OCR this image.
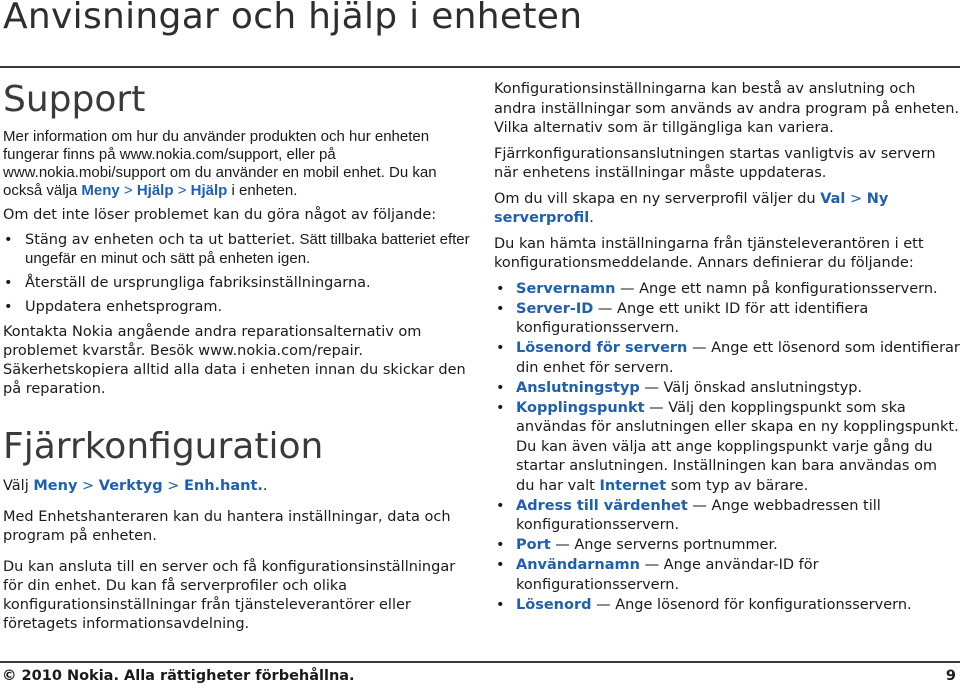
Anvisningar och hjälp i enheten
Support

Mer information om hur du använder produkten och hur enheten fungerar finns på www.nokia.com/support, eller på www.nokia.mobi/support om du använder en mobil enhet. Du kan också välja Meny > Hjälp > Hjälp i enheten.

Om det inte löser problemet kan du göra något av följande:

• Stäng av enheten och ta ut batteriet. Sätt tillbaka batteriet efter ungefär en minut och sätt på enheten igen.
• Återställ de ursprungliga fabriksinställningarna.
• Uppdatera enhetsprogram.

Kontakta Nokia angående andra reparationsalternativ om problemet kvarstår. Besök www.nokia.com/repair. Säkerhetskopiera alltid alla data i enheten innan du skickar den på reparation.

Fjärrkonfiguration

Välj Meny > Verktyg > Enh.hant..

Med Enhetshanteraren kan du hantera inställningar, data och program på enheten.

Du kan ansluta till en server och få konfigurationsinställningar för din enhet. Du kan få serverprofiler och olika konfigurationsinställningar från tjänsteleverantörer eller företagets informationsavdelning.

Konfigurationsinställningarna kan bestå av anslutning och andra inställningar som används av andra program på enheten. Vilka alternativ som är tillgängliga kan variera.

Fjärrkonfigurationsanslutningen startas vanligtvis av servern när enhetens inställningar måste uppdateras.

Om du vill skapa en ny serverprofil väljer du Val > Ny serverprofil.

Du kan hämta inställningarna från tjänsteleverantören i ett konfigurationsmeddelande. Annars definierar du följande:

• Servernamn — Ange ett namn på konfigurationsservern.
• Server-ID — Ange ett unikt ID för att identifiera konfigurationsservern.
• Lösenord för servern — Ange ett lösenord som identifierar din enhet för servern.
• Anslutningstyp — Välj önskad anslutningstyp.
• Kopplingspunkt — Välj den kopplingspunkt som ska användas för anslutningen eller skapa en ny kopplingspunkt. Du kan även välja att ange kopplingspunkt varje gång du startar anslutningen. Inställningen kan bara användas om du har valt Internet som typ av bärare.
• Adress till värdenhet — Ange webbadressen till konfigurationsservern.
• Port — Ange serverns portnummer.
• Användarnamn — Ange användar-ID för konfigurationsservern.
• Lösenord — Ange lösenord för konfigurationsservern.
© 2010 Nokia. Alla rättigheter förbehållna.	9
